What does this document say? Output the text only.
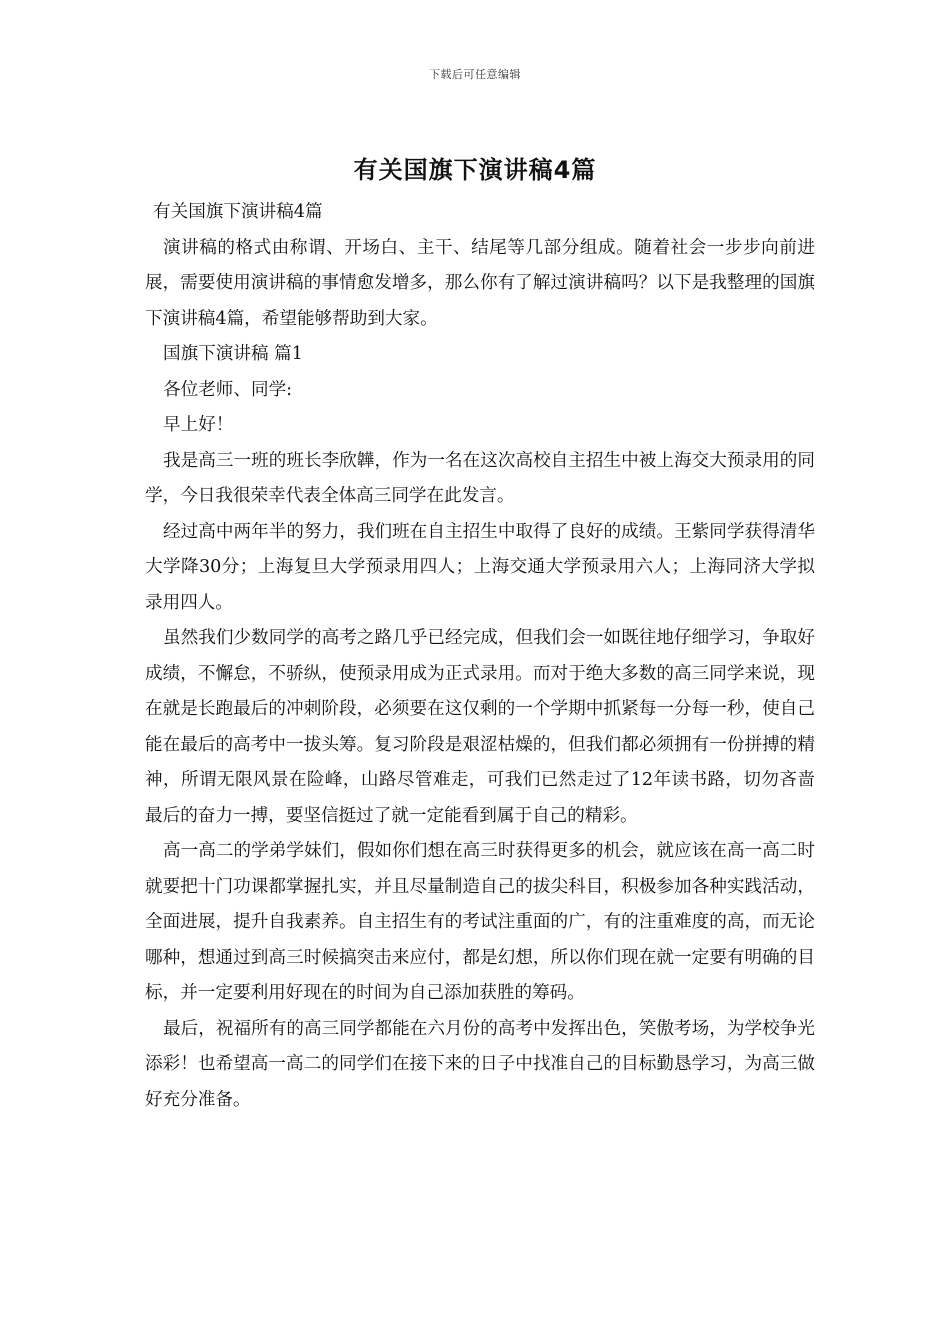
下载后可任意编辑
有关国旗下演讲稿4篇

有关国旗下演讲稿4篇

演讲稿的格式由称谓、开场白、主干、结尾等几部分组成。随着社会一步步向前进展，需要使用演讲稿的事情愈发增多，那么你有了解过演讲稿吗？以下是我整理的国旗下演讲稿4篇，希望能够帮助到大家。

国旗下演讲稿 篇1

各位老师、同学:

早上好！

我是高三一班的班长李欣韡，作为一名在这次高校自主招生中被上海交大预录用的同学，今日我很荣幸代表全体高三同学在此发言。

经过高中两年半的努力，我们班在自主招生中取得了良好的成绩。王紫同学获得清华大学降30分；上海复旦大学预录用四人；上海交通大学预录用六人；上海同济大学拟录用四人。

虽然我们少数同学的高考之路几乎已经完成，但我们会一如既往地仔细学习，争取好成绩，不懈怠，不骄纵，使预录用成为正式录用。而对于绝大多数的高三同学来说，现在就是长跑最后的冲刺阶段，必须要在这仅剩的一个学期中抓紧每一分每一秒，使自己能在最后的高考中一拔头筹。复习阶段是艰涩枯燥的，但我们都必须拥有一份拼搏的精神，所谓无限风景在险峰，山路尽管难走，可我们已然走过了12年读书路，切勿吝啬最后的奋力一搏，要坚信挺过了就一定能看到属于自己的精彩。

高一高二的学弟学妹们，假如你们想在高三时获得更多的机会，就应该在高一高二时就要把十门功课都掌握扎实，并且尽量制造自己的拔尖科目，积极参加各种实践活动，全面进展，提升自我素养。自主招生有的考试注重面的广，有的注重难度的高，而无论哪种，想通过到高三时候搞突击来应付，都是幻想，所以你们现在就一定要有明确的目标，并一定要利用好现在的时间为自己添加获胜的筹码。

最后，祝福所有的高三同学都能在六月份的高考中发挥出色，笑傲考场，为学校争光添彩！也希望高一高二的同学们在接下来的日子中找准自己的目标勤恳学习，为高三做好充分准备。
